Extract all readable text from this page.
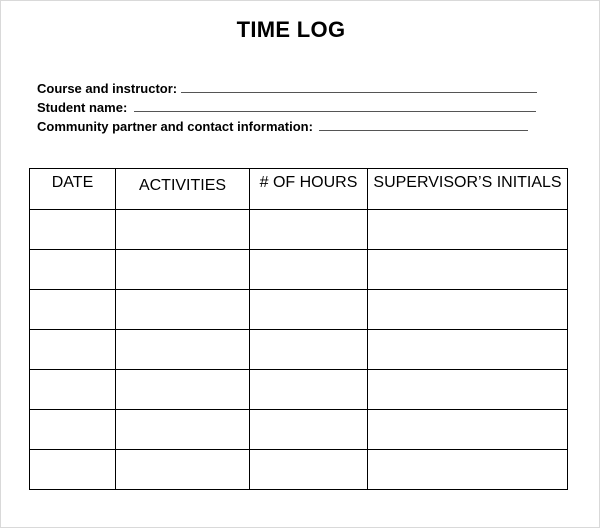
TIME LOG
Course and instructor:
Student name:
Community partner and contact information:
DATE	ACTIVITIES	# OF HOURS	SUPERVISOR’S INITIALS
